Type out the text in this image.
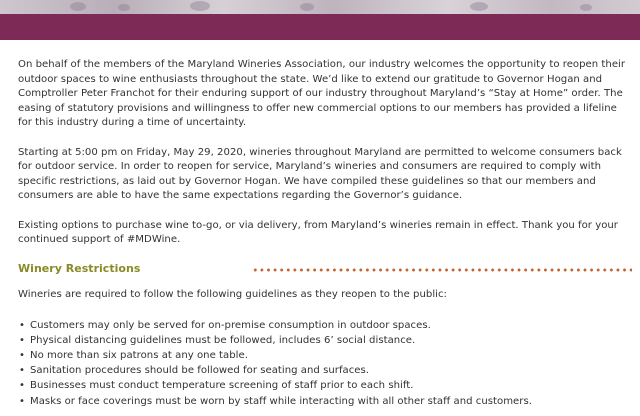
On behalf of the members of the Maryland Wineries Association, our industry welcomes the opportunity to reopen their outdoor spaces to wine enthusiasts throughout the state. We’d like to extend our gratitude to Governor Hogan and Comptroller Peter Franchot for their enduring support of our industry throughout Maryland’s “Stay at Home” order. The easing of statutory provisions and willingness to offer new commercial options to our members has provided a lifeline for this industry during a time of uncertainty.

Starting at 5:00 pm on Friday, May 29, 2020, wineries throughout Maryland are permitted to welcome consumers back for outdoor service. In order to reopen for service, Maryland’s wineries and consumers are required to comply with specific restrictions, as laid out by Governor Hogan. We have compiled these guidelines so that our members and consumers are able to have the same expectations regarding the Governor’s guidance.

Existing options to purchase wine to-go, or via delivery, from Maryland’s wineries remain in effect. Thank you for your continued support of #MDWine.

Winery Restrictions

Wineries are required to follow the following guidelines as they reopen to the public:

• Customers may only be served for on-premise consumption in outdoor spaces.
• Physical distancing guidelines must be followed, includes 6’ social distance.
• No more than six patrons at any one table.
• Sanitation procedures should be followed for seating and surfaces.
• Businesses must conduct temperature screening of staff prior to each shift.
• Masks or face coverings must be worn by staff while interacting with all other staff and customers.
